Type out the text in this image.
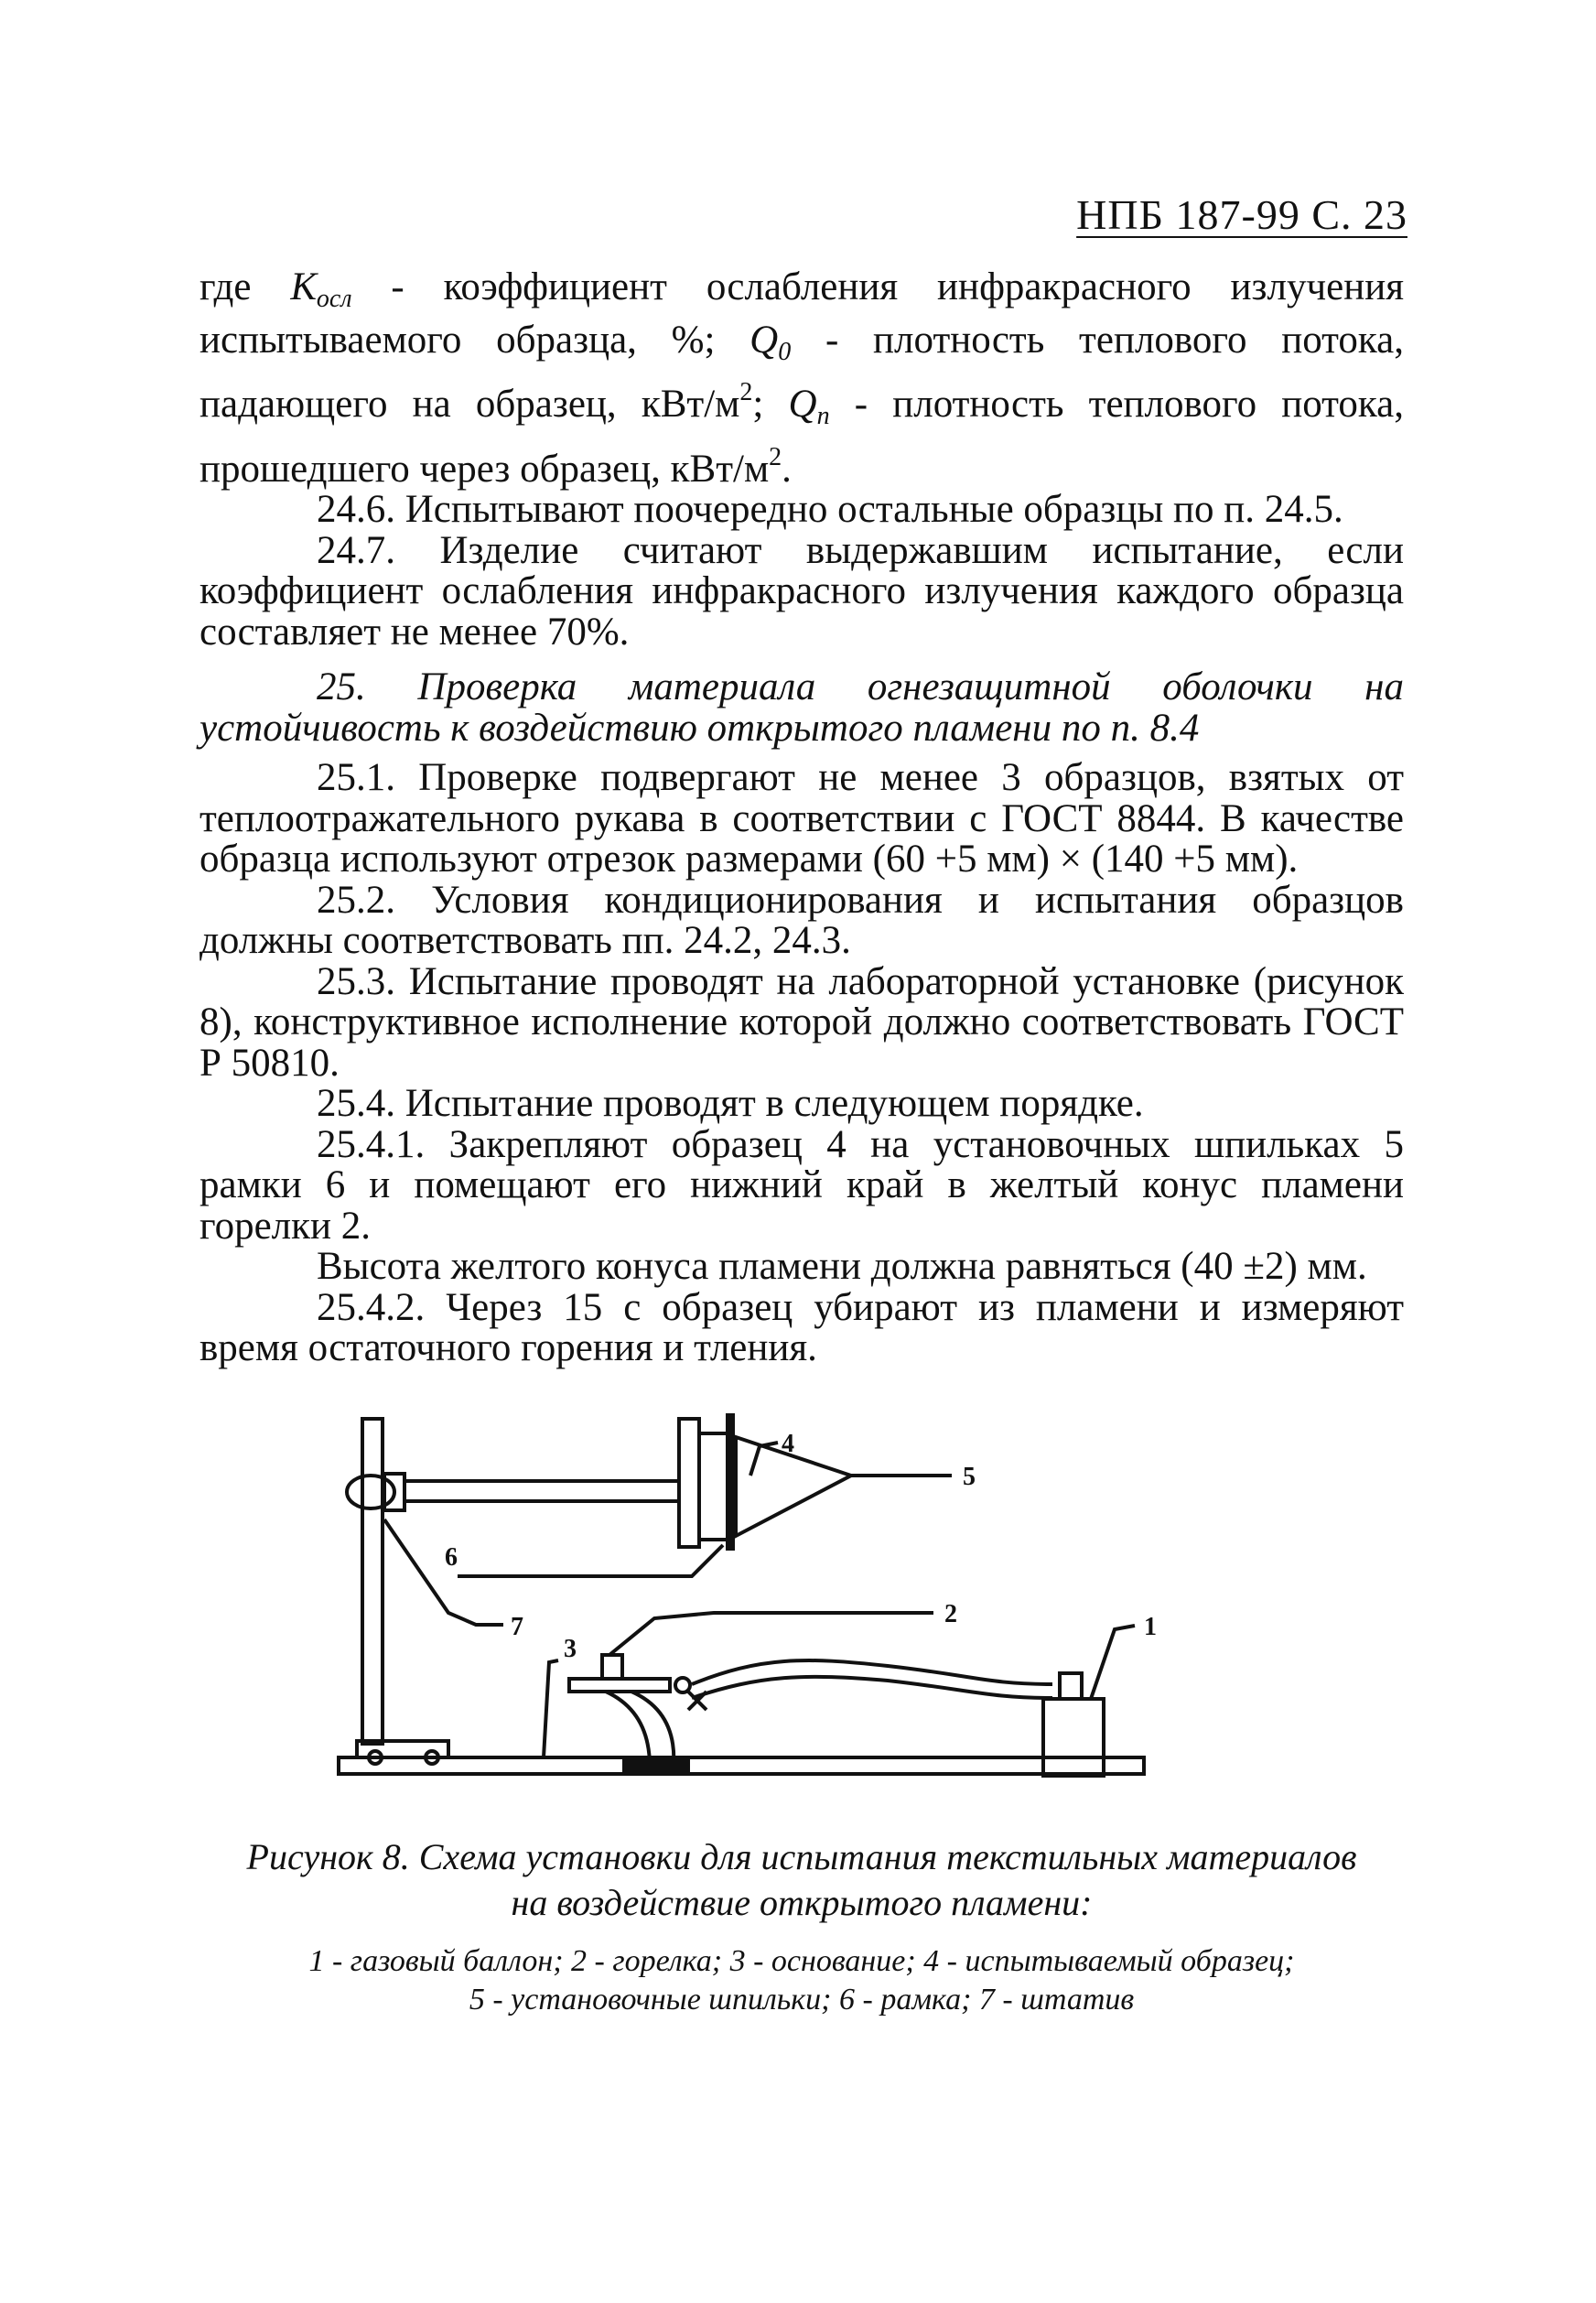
НПБ 187-99 С. 23

где $К_{осл}$ - коэффициент ослабления инфракрасного излучения испытываемого образца, %; $Q_0$ - плотность теплового потока, падающего на образец, кВт/$м^2$; $Q_п$ - плотность теплового потока, прошедшего через образец, кВт/$м^2$.

24.6. Испытывают поочередно остальные образцы по п. 24.5.

24.7. Изделие считают выдержавшим испытание, если коэффициент ослабления инфракрасного излучения каждого образца составляет не менее 70%.

25. Проверка материала огнезащитной оболочки на устойчивость к воздействию открытого пламени по п. 8.4

25.1. Проверке подвергают не менее 3 образцов, взятых от теплоотражательного рукава в соответствии с ГОСТ 8844. В качестве образца используют отрезок размерами (60 +5 мм) × (140 +5 мм).

25.2. Условия кондиционирования и испытания образцов должны соответствовать пп. 24.2, 24.3.

25.3. Испытание проводят на лабораторной установке (рисунок 8), конструктивное исполнение которой должно соответствовать ГОСТ Р 50810.

25.4. Испытание проводят в следующем порядке.

25.4.1. Закрепляют образец 4 на установочных шпильках 5 рамки 6 и помещают его нижний край в желтый конус пламени горелки 2.

Высота желтого конуса пламени должна равняться (40 ±2) мм.

25.4.2. Через 15 с образец убирают из пламени и измеряют время остаточного горения и тления.

5
4
2	1
6
3
7

Рисунок 8. Схема установки для испытания текстильных материалов

на воздействие открытого пламени:

1 - газовый баллон; 2 - горелка; 3 - основание; 4 - испытываемый образец;

5 - установочные шпильки; 6 - рамка; 7 - штатив
